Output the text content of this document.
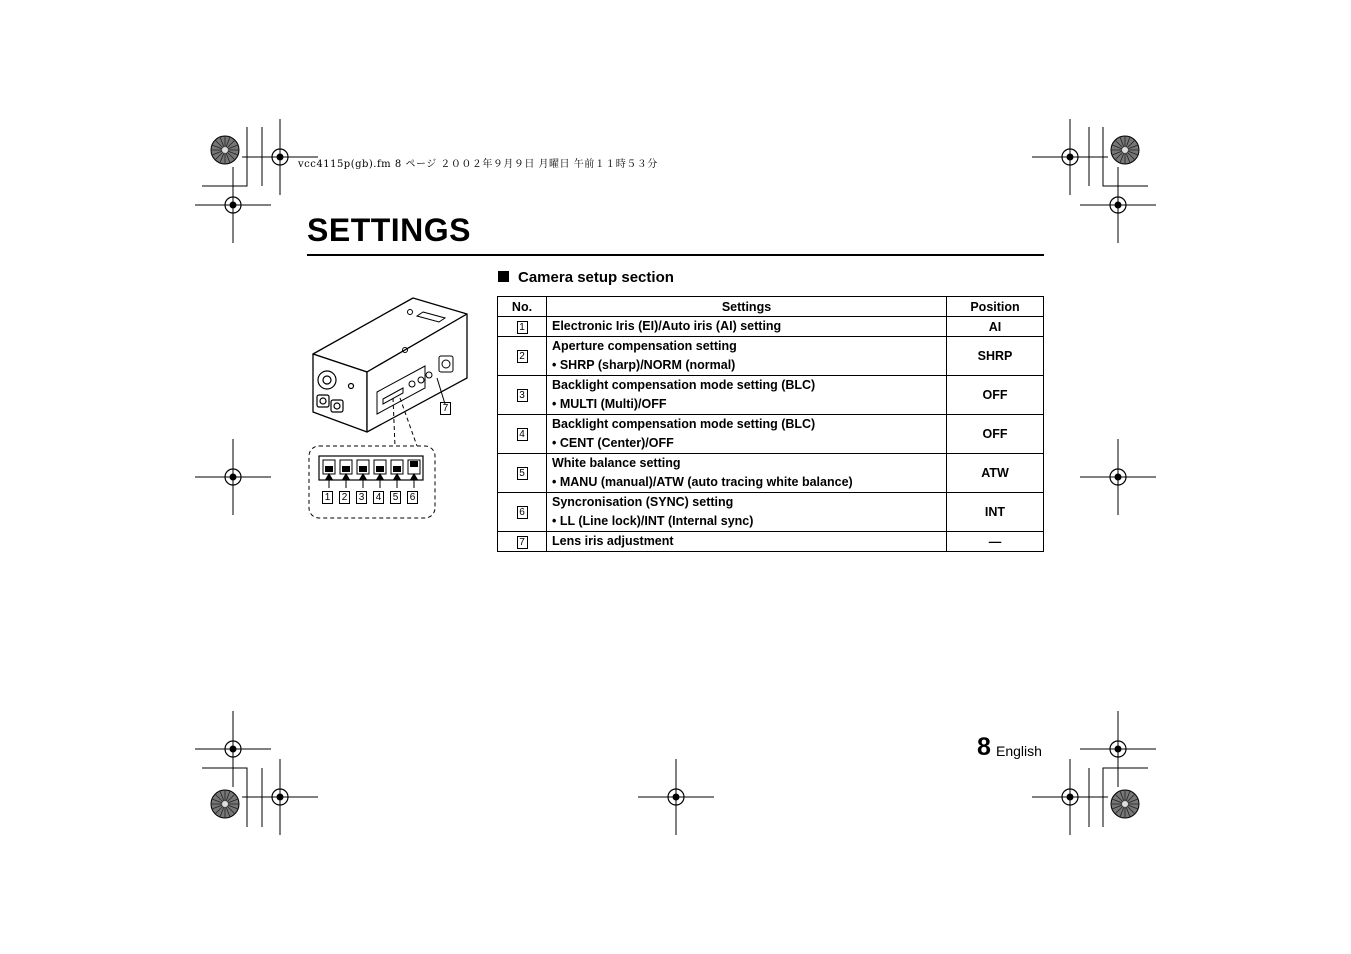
vcc4115p(gb).fm 8 ページ ２００２年９月９日 月曜日 午前１１時５３分
SETTINGS
Camera setup section
1 2 3 4 5 6
7
No.	Settings	Position
1	Electronic Iris (EI)/Auto iris (AI) setting	AI
2	Aperture compensation setting
• SHRP (sharp)/NORM (normal)	SHRP
3	Backlight compensation mode setting (BLC)
• MULTI (Multi)/OFF	OFF
4	Backlight compensation mode setting (BLC)
• CENT (Center)/OFF	OFF
5	White balance setting
• MANU (manual)/ATW (auto tracing white balance)	ATW
6	Syncronisation (SYNC) setting
• LL (Line lock)/INT (Internal sync)	INT
7	Lens iris adjustment	—
8 English
